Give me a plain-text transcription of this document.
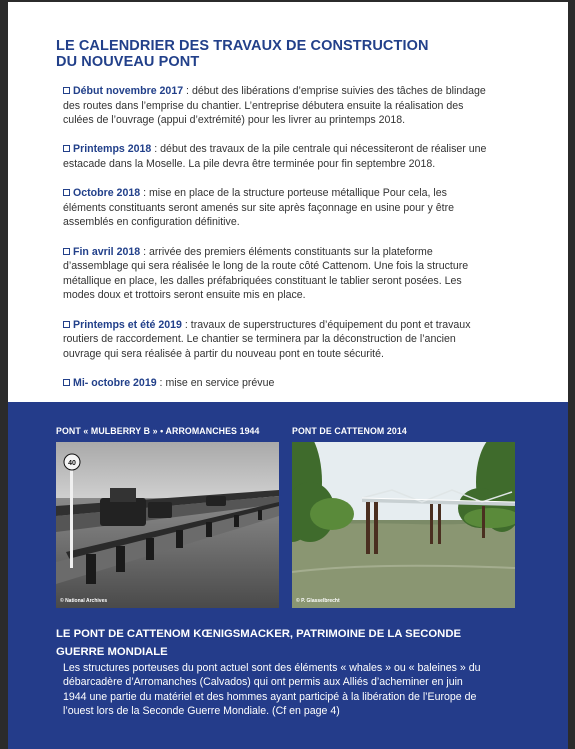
LE CALENDRIER DES TRAVAUX DE CONSTRUCTION
DU NOUVEAU PONT
Début novembre 2017 : début des libérations d’emprise suivies des tâches de blindage
des routes dans l’emprise du chantier. L’entreprise débutera ensuite la réalisation des
culées de l’ouvrage (appui d’extrémité) pour les livrer au printemps 2018.
Printemps 2018 : début des travaux de la pile centrale qui nécessiteront de réaliser une
estacade dans la Moselle. La pile devra être terminée pour fin septembre 2018.
Octobre 2018 : mise en place de la structure porteuse métallique Pour cela, les
éléments constituants seront amenés sur site après façonnage en usine pour y être
assemblés en configuration définitive.
Fin avril 2018 : arrivée des premiers éléments constituants sur la plateforme
d’assemblage qui sera réalisée le long de la route côté Cattenom. Une fois la structure
métallique en place, les dalles préfabriquées constituant le tablier seront posées. Les
modes doux et trottoirs seront ensuite mis en place.
Printemps et été 2019 : travaux de superstructures d’équipement du pont et travaux
routiers de raccordement. Le chantier se terminera par la déconstruction de l’ancien
ouvrage qui sera réalisée à partir du nouveau pont en toute sécurité.
Mi- octobre 2019 : mise en service prévue
PONT « MULBERRY B » • ARROMANCHES 1944
40
© National Archives
PONT DE CATTENOM 2014
© P. Glasselbrecht
LE PONT DE CATTENOM KŒNIGSMACKER, PATRIMOINE DE LA SECONDE
GUERRE MONDIALE
Les structures porteuses du pont actuel sont des éléments « whales » ou « baleines » du
débarcadère d’Arromanches (Calvados) qui ont permis aux Alliés d’acheminer en juin
1944 une partie du matériel et des hommes ayant participé à la libération de l’Europe de
l’ouest lors de la Seconde Guerre Mondiale. (Cf en page 4)
